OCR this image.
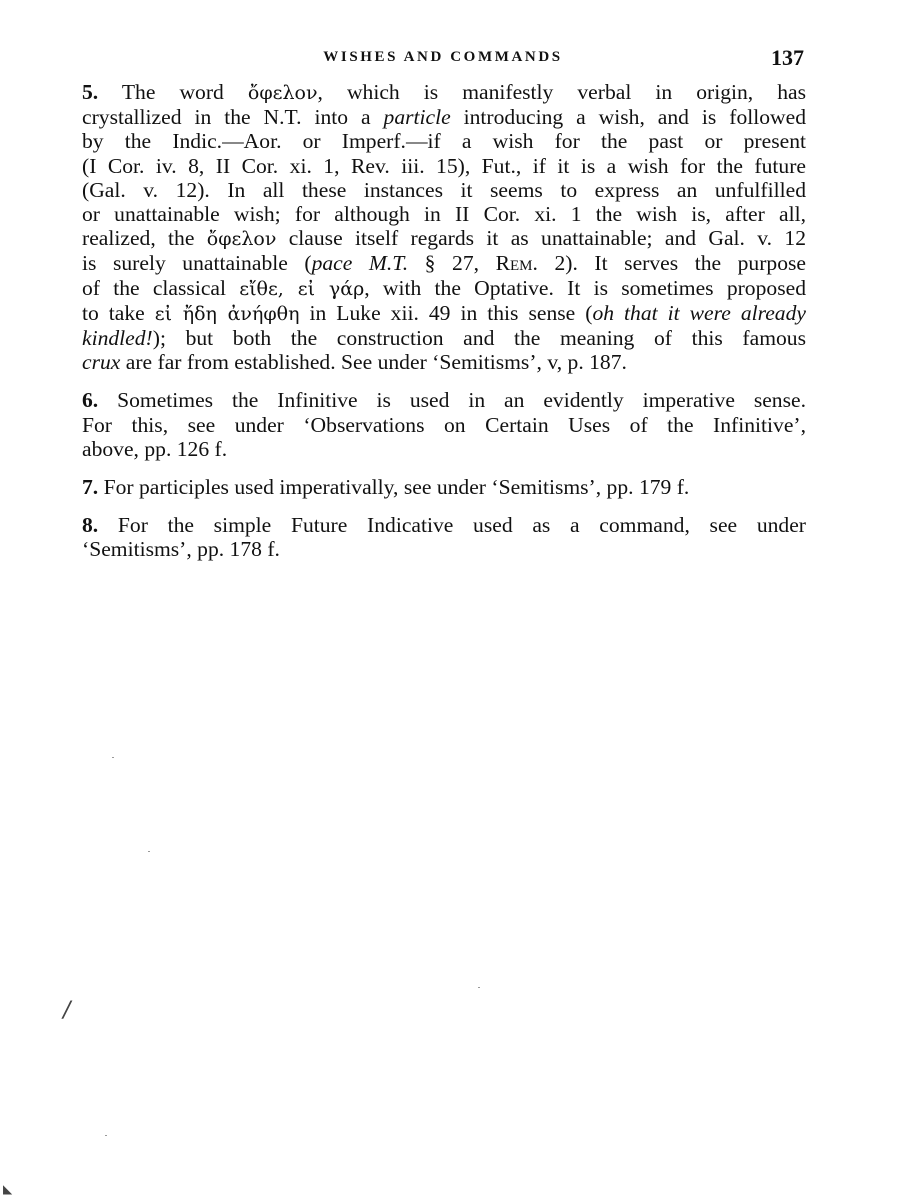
WISHES AND COMMANDS	137
5. The word ὄφελον, which is manifestly verbal in origin, has
crystallized in the N.T. into a particle introducing a wish, and is followed
by the Indic.—Aor. or Imperf.—if a wish for the past or present
(I Cor. iv. 8, II Cor. xi. 1, Rev. iii. 15), Fut., if it is a wish for the future
(Gal. v. 12). In all these instances it seems to express an unfulfilled
or unattainable wish; for although in II Cor. xi. 1 the wish is, after all,
realized, the ὄφελον clause itself regards it as unattainable; and Gal. v. 12
is surely unattainable (pace M.T. § 27, Rem. 2). It serves the purpose
of the classical εἴθε, εἰ γάρ, with the Optative. It is sometimes proposed
to take εἰ ἤδη ἀνήφθη in Luke xii. 49 in this sense (oh that it were already
kindled!); but both the construction and the meaning of this famous
crux are far from established. See under ‘Semitisms’, v, p. 187.
6. Sometimes the Infinitive is used in an evidently imperative sense.
For this, see under ‘Observations on Certain Uses of the Infinitive’,
above, pp. 126 f.
7. For participles used imperativally, see under ‘Semitisms’, pp. 179 f.
8. For the simple Future Indicative used as a command, see under
‘Semitisms’, pp. 178 f.
/
◣
